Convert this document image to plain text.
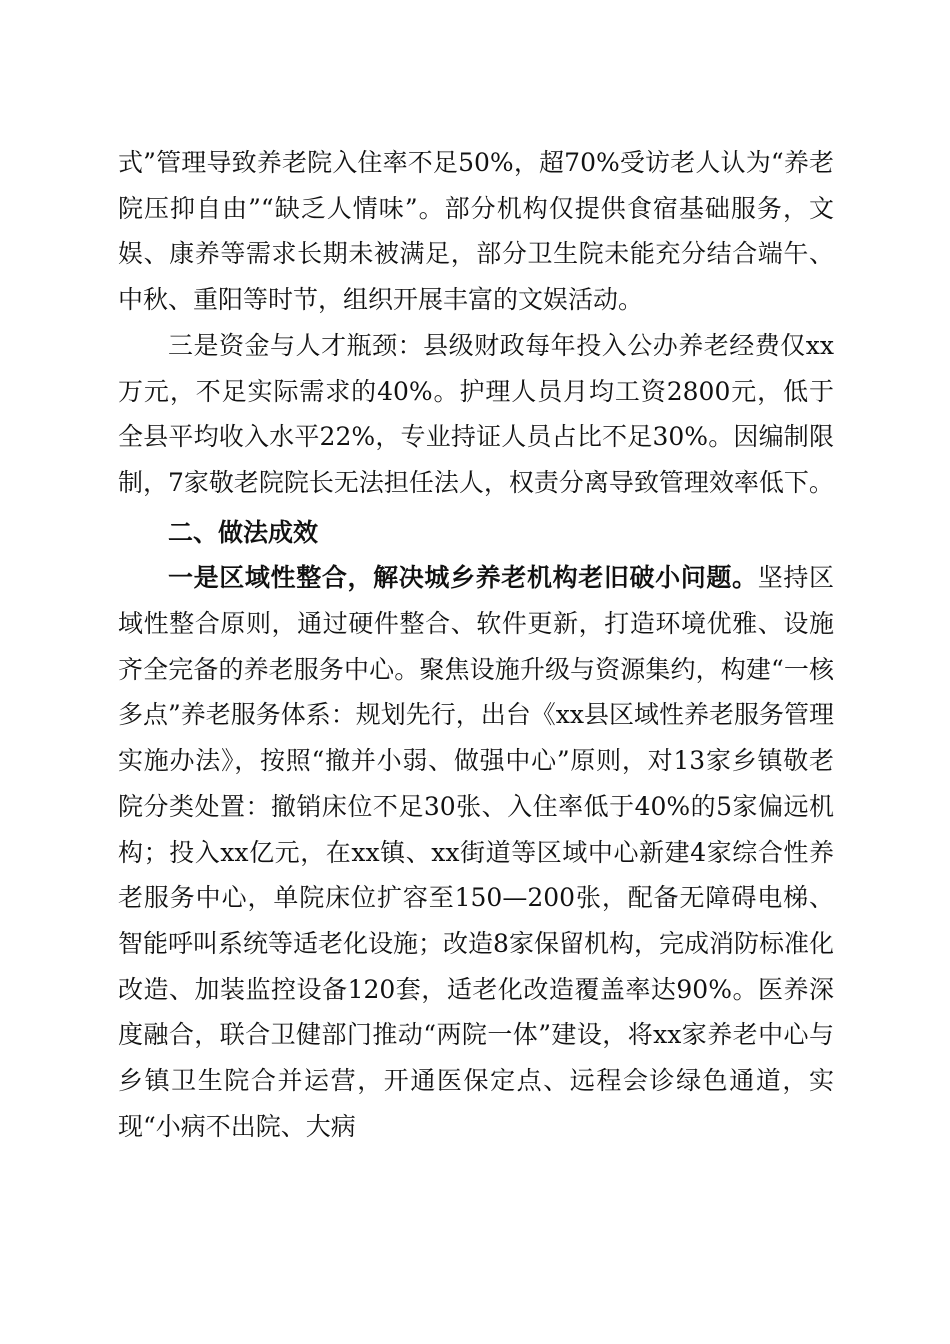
式”管理导致养老院入住率不足50%，超70%受访老人认为“养老院压抑自由”“缺乏人情味”。部分机构仅提供食宿基础服务，文娱、康养等需求长期未被满足，部分卫生院未能充分结合端午、中秋、重阳等时节，组织开展丰富的文娱活动。

三是资金与人才瓶颈：县级财政每年投入公办养老经费仅xx万元，不足实际需求的40%。护理人员月均工资2800元，低于全县平均收入水平22%，专业持证人员占比不足30%。因编制限制，7家敬老院院长无法担任法人，权责分离导致管理效率低下。

二、做法成效

一是区域性整合，解决城乡养老机构老旧破小问题。坚持区域性整合原则，通过硬件整合、软件更新，打造环境优雅、设施齐全完备的养老服务中心。聚焦设施升级与资源集约，构建“一核多点”养老服务体系：规划先行，出台《xx县区域性养老服务管理实施办法》，按照“撤并小弱、做强中心”原则，对13家乡镇敬老院分类处置：撤销床位不足30张、入住率低于40%的5家偏远机构；投入xx亿元，在xx镇、xx街道等区域中心新建4家综合性养老服务中心，单院床位扩容至150—200张，配备无障碍电梯、智能呼叫系统等适老化设施；改造8家保留机构，完成消防标准化改造、加装监控设备120套，适老化改造覆盖率达90%。医养深度融合，联合卫健部门推动“两院一体”建设，将xx家养老中心与乡镇卫生院合并运营，开通医保定点、远程会诊绿色通道，实现“小病不出院、大病
